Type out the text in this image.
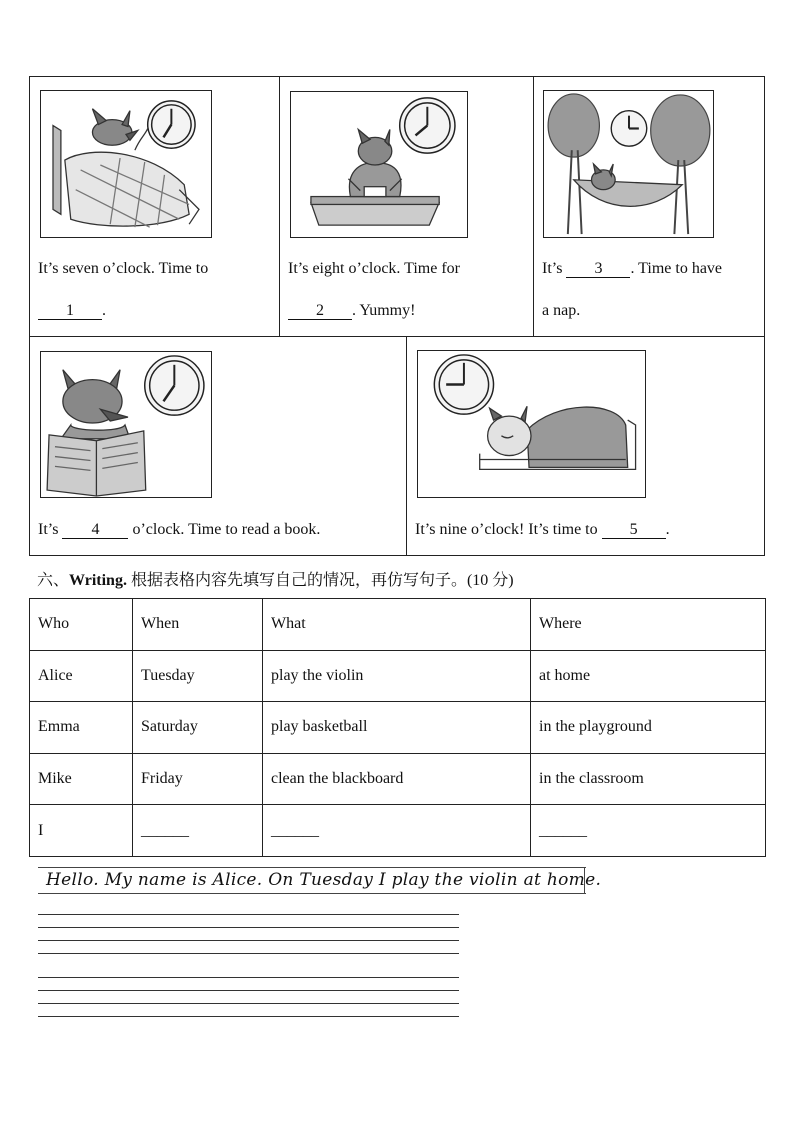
It’s seven o’clock. Time to
1 .
It’s eight o’clock. Time for
2 . Yummy!
It’s 3 . Time to have
a nap.
It’s 4 o’clock. Time to read a book.	It’s nine o’clock! It’s time to 5 .
六、Writing. 根据表格内容先填写自己的情况，再仿写句子。(10 分)
Who	When	What	Where
Alice	Tuesday	play the violin	at home
Emma	Saturday	play basketball	in the playground
Mike	Friday	clean the blackboard	in the classroom
I	______	______	______
Hello. My name is Alice. On Tuesday I play the violin at home.
